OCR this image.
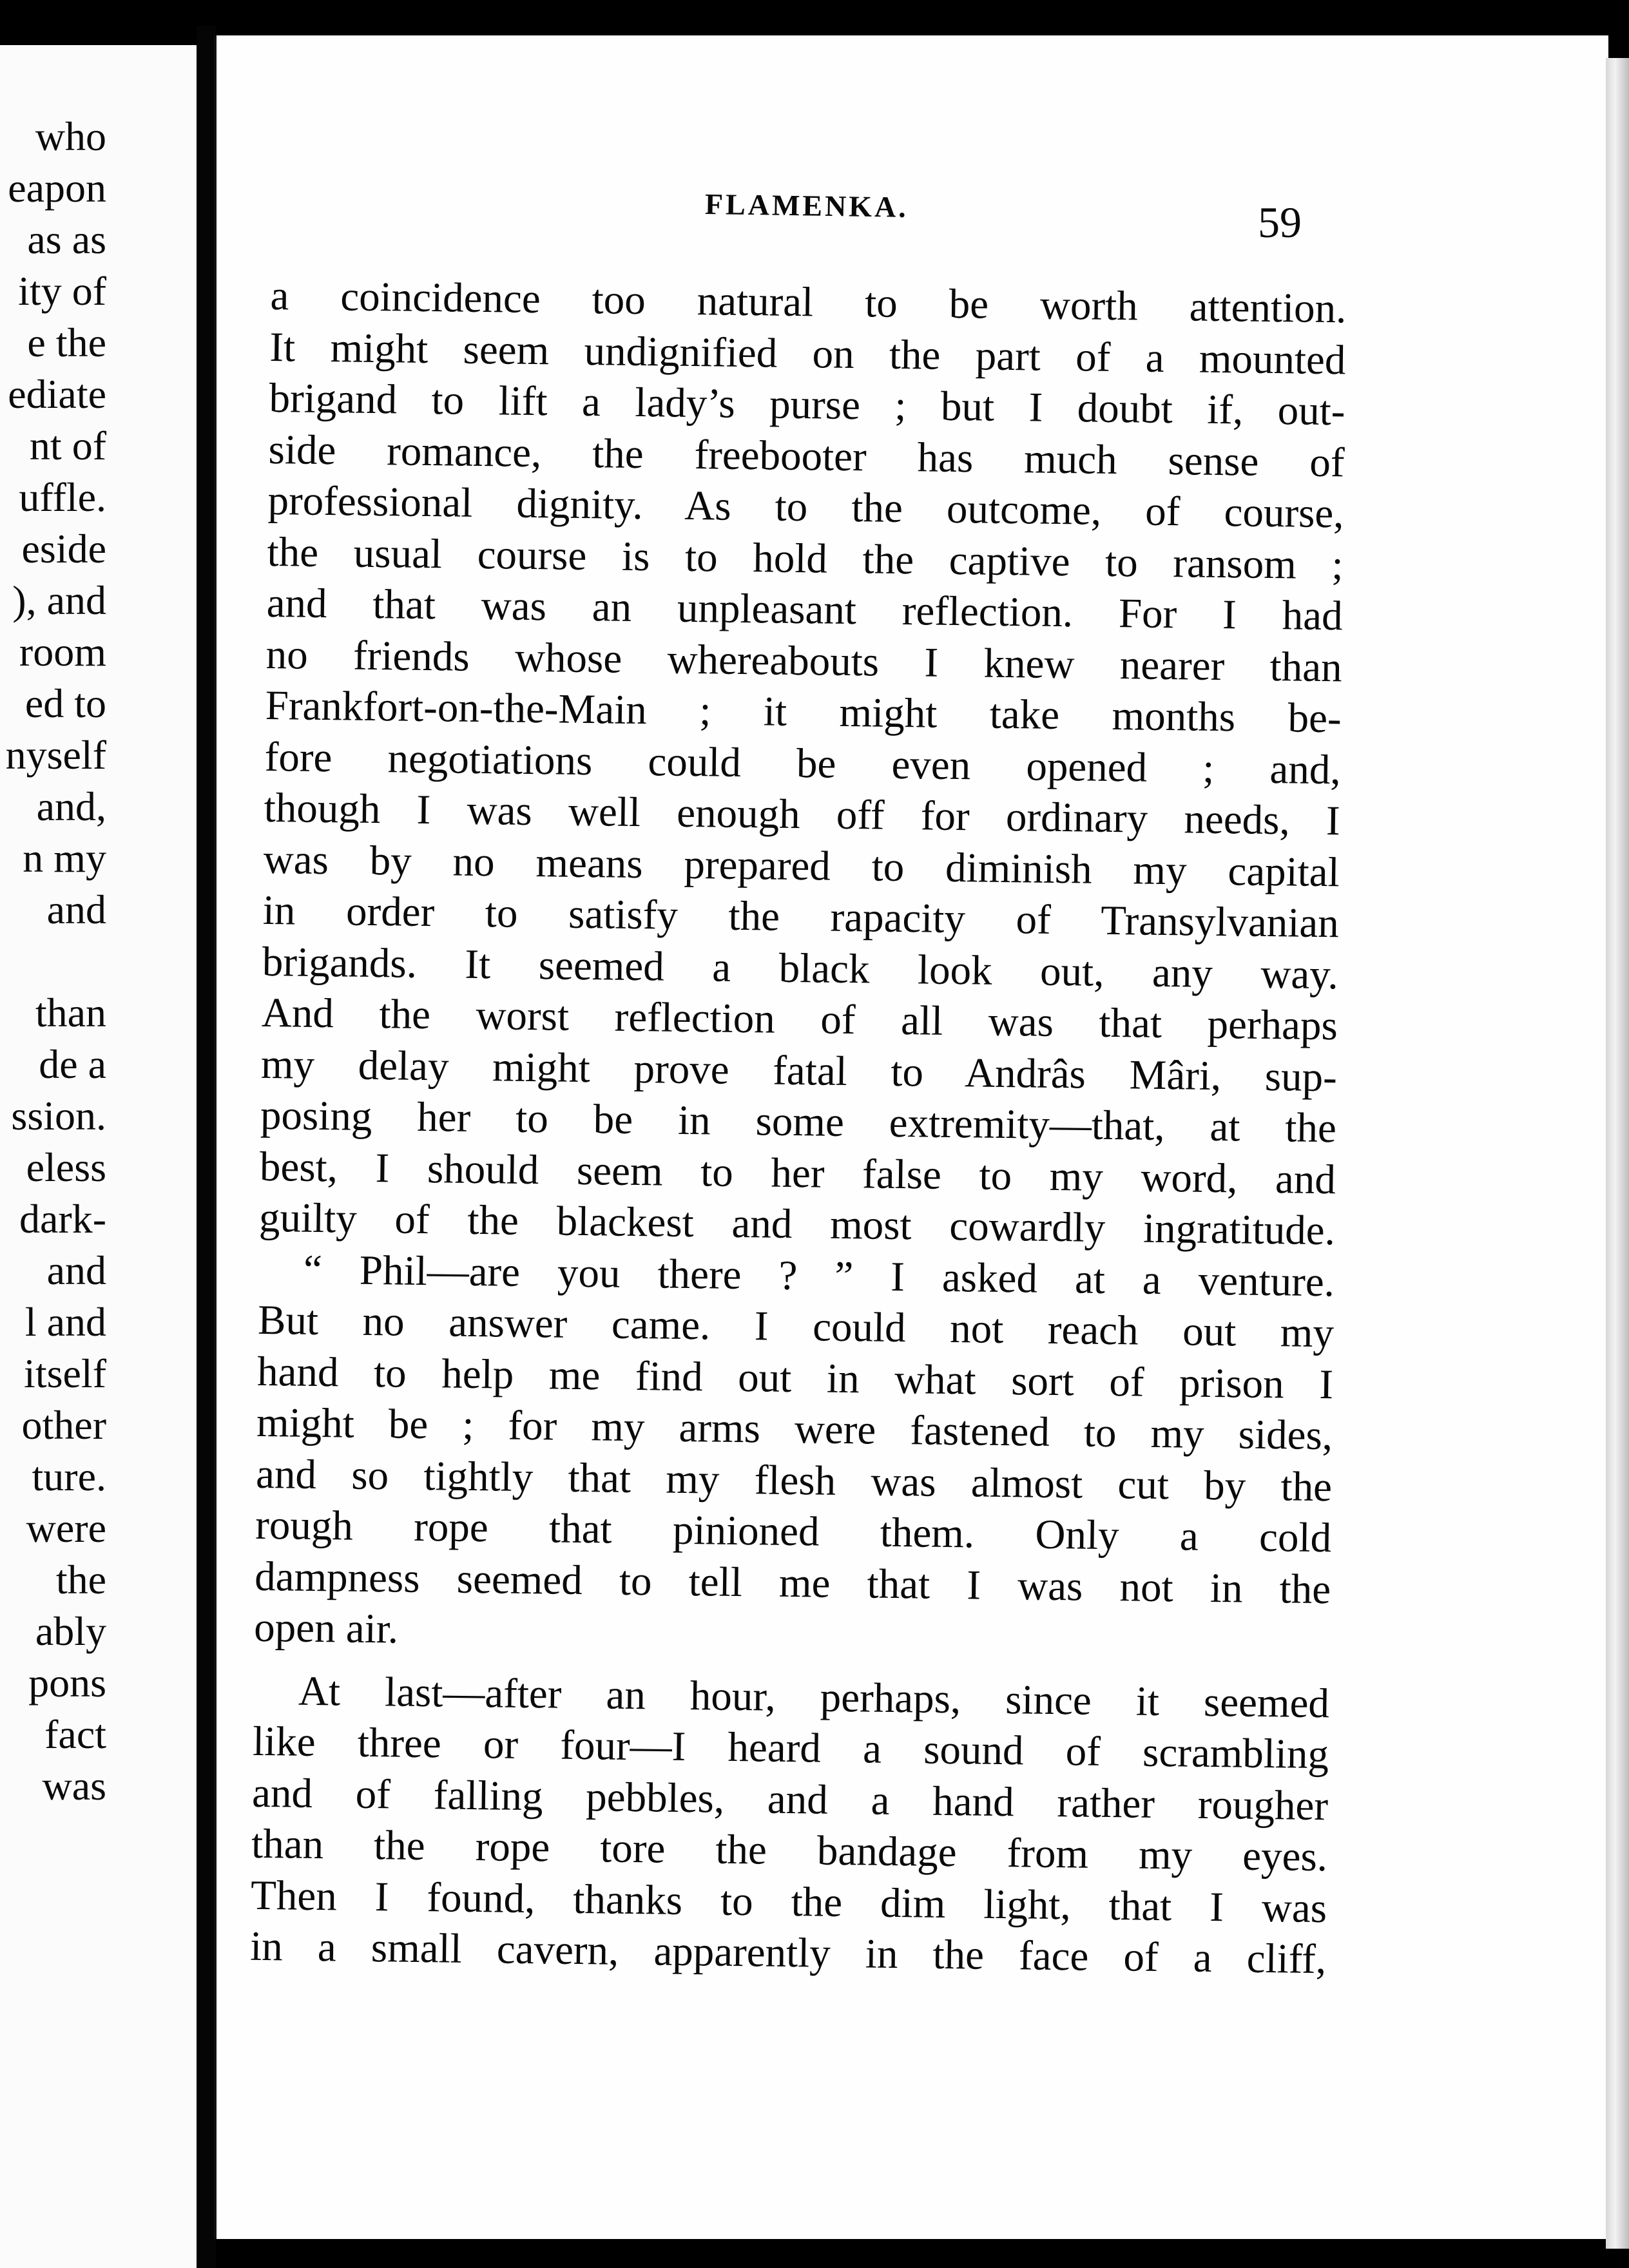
who
eapon
as as
ity of
e the
ediate
nt of
uffle.
eside
), and
room
ed to
nyself
and,
n my
and
than
de a
ssion.
eless
dark-
and
l and
itself
other
ture.
were
the
ably
pons
fact
was
FLAMENKA.	59
a coincidence too natural to be worth attention.
It might seem undignified on the part of a mounted
brigand to lift a lady’s purse ; but I doubt if, out-
side romance, the freebooter has much sense of
professional dignity. As to the outcome, of course,
the usual course is to hold the captive to ransom ;
and that was an unpleasant reflection. For I had
no friends whose whereabouts I knew nearer than
Frankfort-on-the-Main ; it might take months be-
fore negotiations could be even opened ; and,
though I was well enough off for ordinary needs, I
was by no means prepared to diminish my capital
in order to satisfy the rapacity of Transylvanian
brigands. It seemed a black look out, any way.
And the worst reflection of all was that perhaps
my delay might prove fatal to Andrâs Mâri, sup-
posing her to be in some extremity—that, at the
best, I should seem to her false to my word, and
guilty of the blackest and most cowardly ingratitude.
“ Phil—are you there ? ” I asked at a venture.
But no answer came. I could not reach out my
hand to help me find out in what sort of prison I
might be ; for my arms were fastened to my sides,
and so tightly that my flesh was almost cut by the
rough rope that pinioned them. Only a cold
dampness seemed to tell me that I was not in the
open air.
At last—after an hour, perhaps, since it seemed
like three or four—I heard a sound of scrambling
and of falling pebbles, and a hand rather rougher
than the rope tore the bandage from my eyes.
Then I found, thanks to the dim light, that I was
in a small cavern, apparently in the face of a cliff,
